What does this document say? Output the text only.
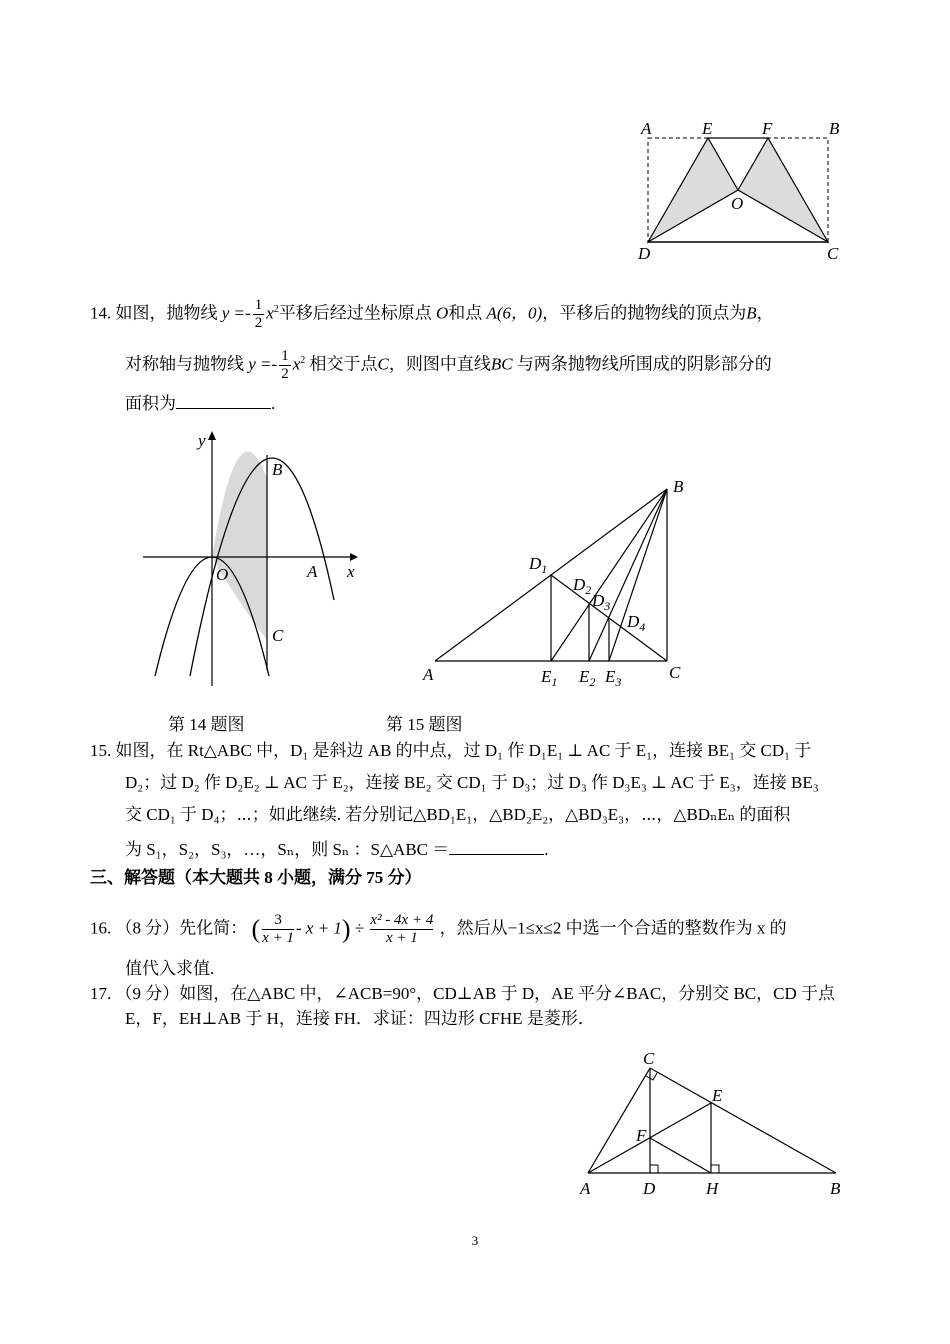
A	E	F	B
O
D	C
14. 如图，抛物线 $y =- \frac{1}{2} x^2$平移后经过坐标原点 O和点 A(6，0)，平移后的抛物线的顶点为B，
对称轴与抛物线 $y =- \frac{1}{2} x^2$ 相交于点C，则图中直线BC 与两条抛物线所围成的阴影部分的
面积为	.
y
B
O	A x
C
B
$D_1$
$D_2$
$D_3$
$D_4$
A	$E_1$ $E_2$ $E_3$	C
第 14 题图	第 15 题图
15. 如图，在 Rt△ABC 中，D₁ 是斜边 AB 的中点，过 D₁ 作 D₁E₁ ⊥ AC 于 E₁，连接 BE₁ 交 CD₁ 于
D₂；过 D₂ 作 D₂E₂ ⊥ AC 于 E₂，连接 BE₂ 交 CD₁ 于 D₃；过 D₃ 作 D₃E₃ ⊥ AC 于 E₃，连接 BE₃
交 CD₁ 于 D₄；⋯；如此继续. 若分别记△BD₁E₁，△BD₂E₂，△BD₃E₃，⋯，△BDₙEₙ 的面积
为 S₁，S₂，S₃，…，Sₙ，则 Sₙ ：S△ABC ＝	.
三、解答题（本大题共 8 小题，满分 75 分）
16. （8 分）先化简： ( $\frac{3}{x + 1} - x + 1) \div \frac{\text{x² - 4x + 4}}{x + 1}$ ，然后从−1≤x≤2 中选一个合适的整数作为 x 的
值代入求值.
17. （9 分）如图，在△ABC 中，∠ACB=90°，CD⊥AB 于 D，AE 平分∠BAC，分别交 BC，CD 于点
E，F，EH⊥AB 于 H，连接 FH．求证：四边形 CFHE 是菱形．
C
E
F
A	D	H	B
3
